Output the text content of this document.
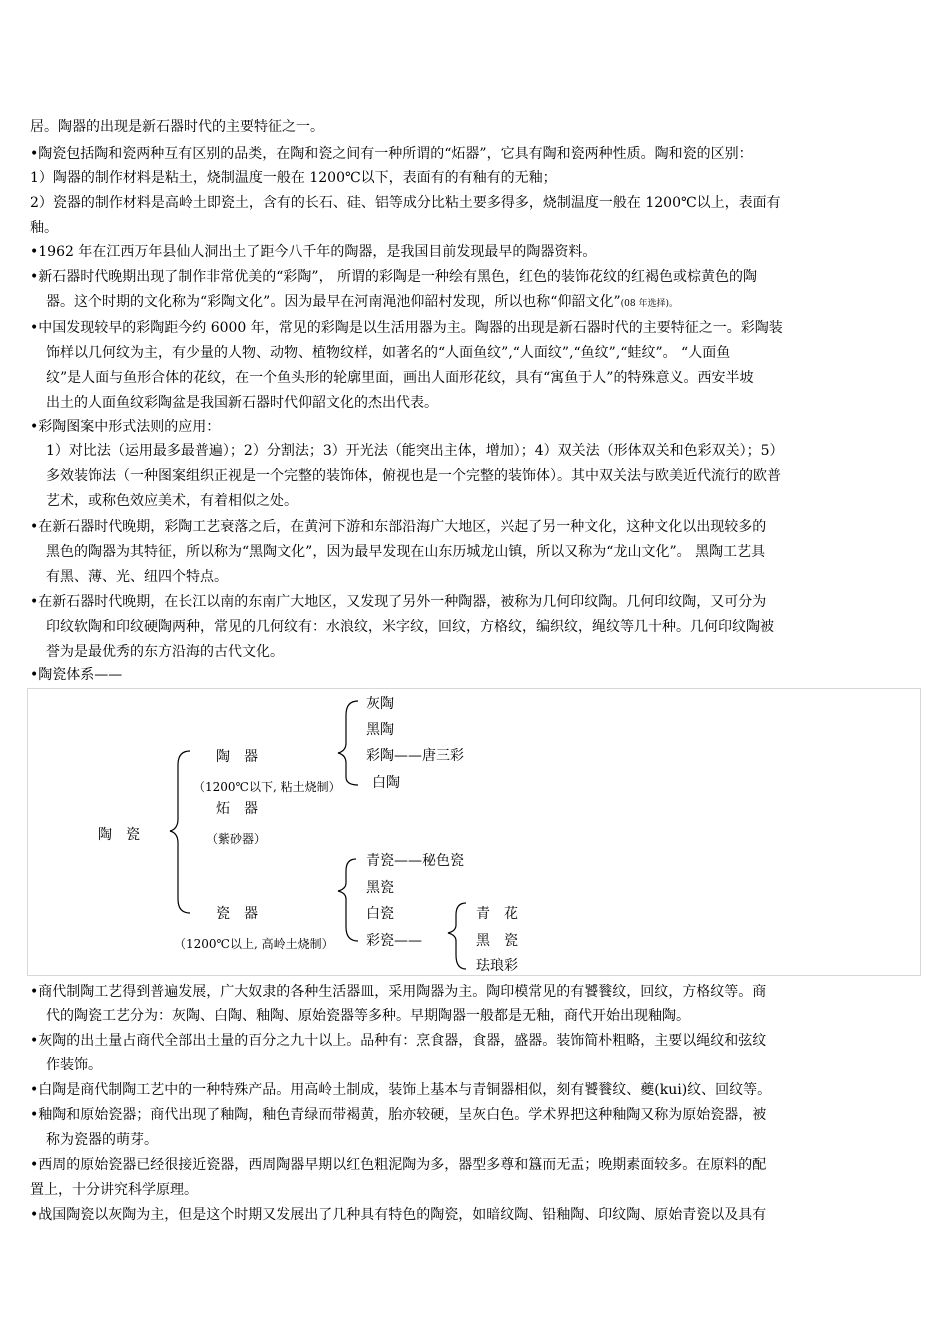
居。陶器的出现是新石器时代的主要特征之一。
•陶瓷包括陶和瓷两种互有区别的品类，在陶和瓷之间有一种所谓的“炻器”，它具有陶和瓷两种性质。陶和瓷的区别：
1）陶器的制作材料是粘土，烧制温度一般在 1200℃以下，表面有的有釉有的无釉；
2）瓷器的制作材料是高岭土即瓷土，含有的长石、硅、铝等成分比粘土要多得多，烧制温度一般在 1200℃以上，表面有
釉。
•1962 年在江西万年县仙人洞出土了距今八千年的陶器，是我国目前发现最早的陶器资料。
•新石器时代晚期出现了制作非常优美的“彩陶”， 所谓的彩陶是一种绘有黑色，红色的装饰花纹的红褐色或棕黄色的陶
器。这个时期的文化称为“彩陶文化”。因为最早在河南渑池仰韶村发现，所以也称“仰韶文化”(08 年选择)。
•中国发现较早的彩陶距今约 6000 年，常见的彩陶是以生活用器为主。陶器的出现是新石器时代的主要特征之一。彩陶装
饰样以几何纹为主，有少量的人物、动物、植物纹样，如著名的“人面鱼纹”,“人面纹”,“鱼纹”,“蛙纹”。 “人面鱼
纹”是人面与鱼形合体的花纹，在一个鱼头形的轮廓里面，画出人面形花纹，具有“寓鱼于人”的特殊意义。西安半坡
出土的人面鱼纹彩陶盆是我国新石器时代仰韶文化的杰出代表。
•彩陶图案中形式法则的应用：
1）对比法（运用最多最普遍）；2）分割法；3）开光法（能突出主体，增加）；4）双关法（形体双关和色彩双关）；5）
多效装饰法（一种图案组织正视是一个完整的装饰体，俯视也是一个完整的装饰体）。其中双关法与欧美近代流行的欧普
艺术，或称色效应美术，有着相似之处。
•在新石器时代晚期，彩陶工艺衰落之后，在黄河下游和东部沿海广大地区，兴起了另一种文化，这种文化以出现较多的
黑色的陶器为其特征，所以称为“黑陶文化”，因为最早发现在山东历城龙山镇，所以又称为“龙山文化”。 黑陶工艺具
有黑、薄、光、纽四个特点。
•在新石器时代晚期，在长江以南的东南广大地区，又发现了另外一种陶器，被称为几何印纹陶。几何印纹陶，又可分为
印纹软陶和印纹硬陶两种，常见的几何纹有：水浪纹，米字纹，回纹，方格纹，编织纹，绳纹等几十种。几何印纹陶被
誉为是最优秀的东方沿海的古代文化。
•陶瓷体系——
陶　瓷
陶　器
（1200℃以下, 粘土烧制）
炻　器
（紫砂器）
瓷　器
（1200℃以上, 高岭土烧制）
灰陶
黑陶
彩陶——唐三彩
白陶
青瓷——秘色瓷
黑瓷
白瓷
彩瓷——
青　花
黑　瓷
珐琅彩
•商代制陶工艺得到普遍发展，广大奴隶的各种生活器皿，采用陶器为主。陶印模常见的有饕餮纹，回纹，方格纹等。商
代的陶瓷工艺分为：灰陶、白陶、釉陶、原始瓷器等多种。早期陶器一般都是无釉，商代开始出现釉陶。
•灰陶的出土量占商代全部出土量的百分之九十以上。品种有：烹食器，食器，盛器。装饰简朴粗略，主要以绳纹和弦纹
作装饰。
•白陶是商代制陶工艺中的一种特殊产品。用高岭土制成，装饰上基本与青铜器相似，刻有饕餮纹、夔(kui)纹、回纹等。
•釉陶和原始瓷器；商代出现了釉陶，釉色青绿而带褐黄，胎亦较硬，呈灰白色。学术界把这种釉陶又称为原始瓷器，被
称为瓷器的萌芽。
•西周的原始瓷器已经很接近瓷器，西周陶器早期以红色粗泥陶为多，器型多尊和簋而无盂；晚期素面较多。在原料的配
置上，十分讲究科学原理。
•战国陶瓷以灰陶为主，但是这个时期又发展出了几种具有特色的陶瓷，如暗纹陶、铅釉陶、印纹陶、原始青瓷以及具有
